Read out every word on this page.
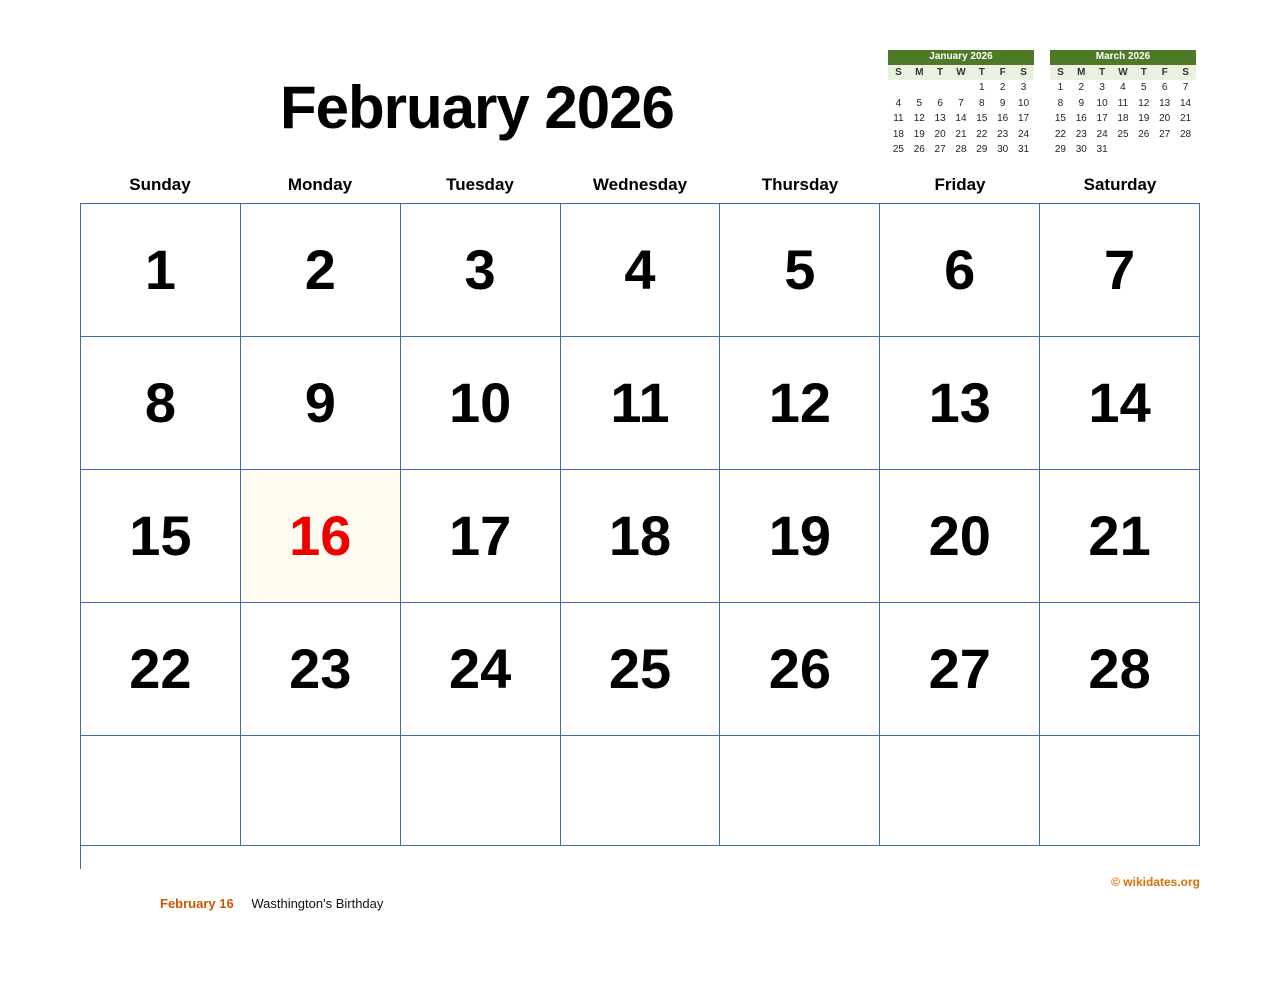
February 2026
January 2026
S	M	T	W	T	F	S
				1	2	3
4	5	6	7	8	9	10
11	12	13	14	15	16	17
18	19	20	21	22	23	24
25	26	27	28	29	30	31
March 2026
S	M	T	W	T	F	S
1	2	3	4	5	6	7
8	9	10	11	12	13	14
15	16	17	18	19	20	21
22	23	24	25	26	27	28
29	30	31				
Sunday	Monday	Tuesday	Wednesday	Thursday	Friday	Saturday
1 2 3 4 5 6 7
8 9 10 11 12 13 14
15 16 17 18 19 20 21
22 23 24 25 26 27 28
© wikidates.org
February 16 Wasthington's Birthday
